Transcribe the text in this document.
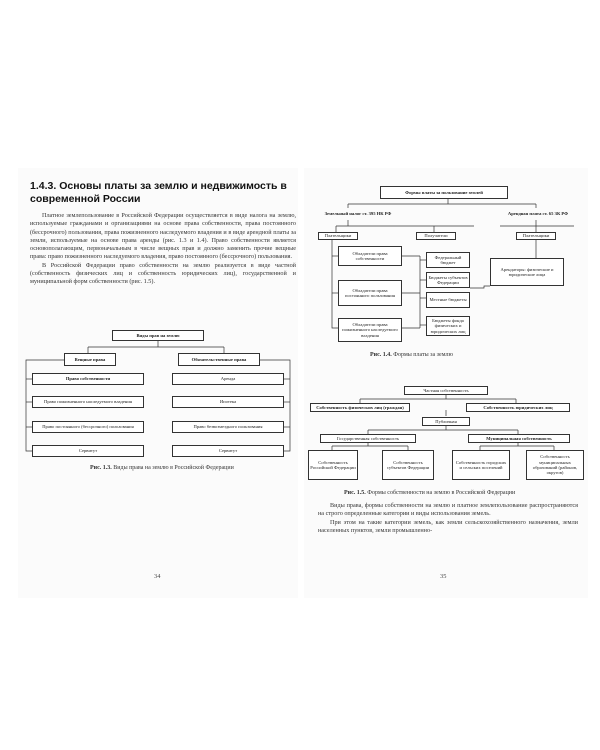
1.4.3. Основы платы за землю и недвижимость в современной России

Платное землепользование в Российской Федерации осуществляется в виде налога на землю, используемые гражданами и организациями на основе права собственности, права постоянного (бессрочного) пользования, права пожизненного наследуемого владения и в виде арендной платы за земли, используемые на основе права аренды (рис. 1.3 и 1.4). Право собственности является основополагающим, первоначальным в числе вещных прав и должно заменить прочие вещные права: право пожизненного наследуемого владения, право постоянного (бессрочного) пользования.

В Российской Федерации право собственности на землю реализуется в виде частной (собственность физических лиц и собственность юридических лиц), государственной и муниципальной форм собственности (рис. 1.5).

Виды прав на землю
Вещные права	Обязательственные права
Право собственности
Право пожизненного наследуемого владения
Право постоянного (бессрочного) пользования
Сервитут
Аренда
Ипотека
Право безвозмездного пользования
Сервитут
Рис. 1.3. Виды права на землю в Российской Федерации
34
Формы платы за пользование землей
Земельный налог ст. 395 НК РФ	Арендная плата ст. 65 ЗК РФ
Плательщики	Получатели	Плательщики
Обладатели права собственности
Обладатели права постоянного пользования
Обладатели права пожизненного наследуемого владения
Федеральный бюджет
Бюджеты субъектов Федерации
Местные бюджеты
Бюджеты фонда физических и юридических лиц
Арендаторы: физические и юридические лица
Рис. 1.4. Формы платы за землю
Частная собственность
Собственность физических лиц (граждан)	Собственность юридических лиц
Публичная
Государственная собственность	Муниципальная собственность
Собственность Российской Федерации
Собственность субъектов Федерации
Собственность городских и сельских поселений
Собственность муниципальных образований (районов, округов)
Рис. 1.5. Формы собственности на землю в Российской Федерации

Виды права, формы собственности на землю и платное землепользование распространяются на строго определенные категории и виды использования земель.

При этом на такие категории земель, как земли сельскохозяйственного назначения, земли населенных пунктов, земли промышленно-

35
